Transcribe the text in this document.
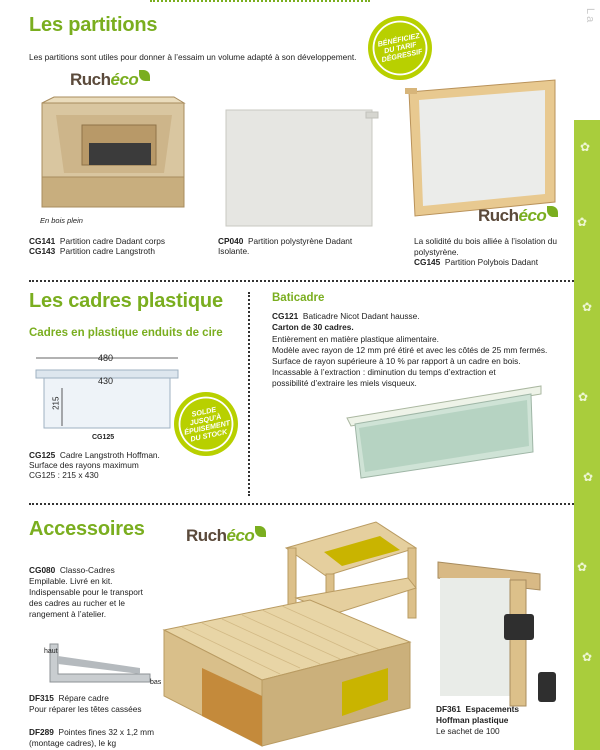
La
✿
✿
✿
✿
✿
✿
✿
Les partitions
Les partitions sont utiles pour donner à l’essaim un volume adapté à son développement.
BÉNÉFICIEZ
DU TARIF
DÉGRESSIF
Ruchéco
En bois plein
CG141 Partition cadre Dadant corps
CG143 Partition cadre Langstroth
CP040 Partition polystyrène Dadant
Isolante.
Ruchéco
La solidité du bois alliée à l’isolation du polystyrène.
CG145 Partition Polybois Dadant
Les cadres plastique
Cadres en plastique enduits de cire
480
430
215
CG125
SOLDE
JUSQU’À
ÉPUISEMENT
DU STOCK
CG125 Cadre Langstroth Hoffman.
Surface des rayons maximum
CG125 : 215 x 430
Baticadre
CG121 Baticadre Nicot Dadant hausse.
Carton de 30 cadres.
Entièrement en matière plastique alimentaire.
Modèle avec rayon de 12 mm pré étiré et avec les côtés de 25 mm fermés.
Surface de rayon supérieure à 10 % par rapport à un cadre en bois.
Incassable à l’extraction : diminution du temps d’extraction et
possibilité d’extraire les miels visqueux.
Accessoires Ruchéco
CG080 Classo-Cadres
Empilable. Livré en kit.
Indispensable pour le transport
des cadres au rucher et le
rangement à l’atelier.
haut
bas
DF315 Répare cadre
Pour réparer les têtes cassées
DF289 Pointes fines 32 x 1,2 mm
(montage cadres), le kg
DF361 Espacements
Hoffman plastique
Le sachet de 100
